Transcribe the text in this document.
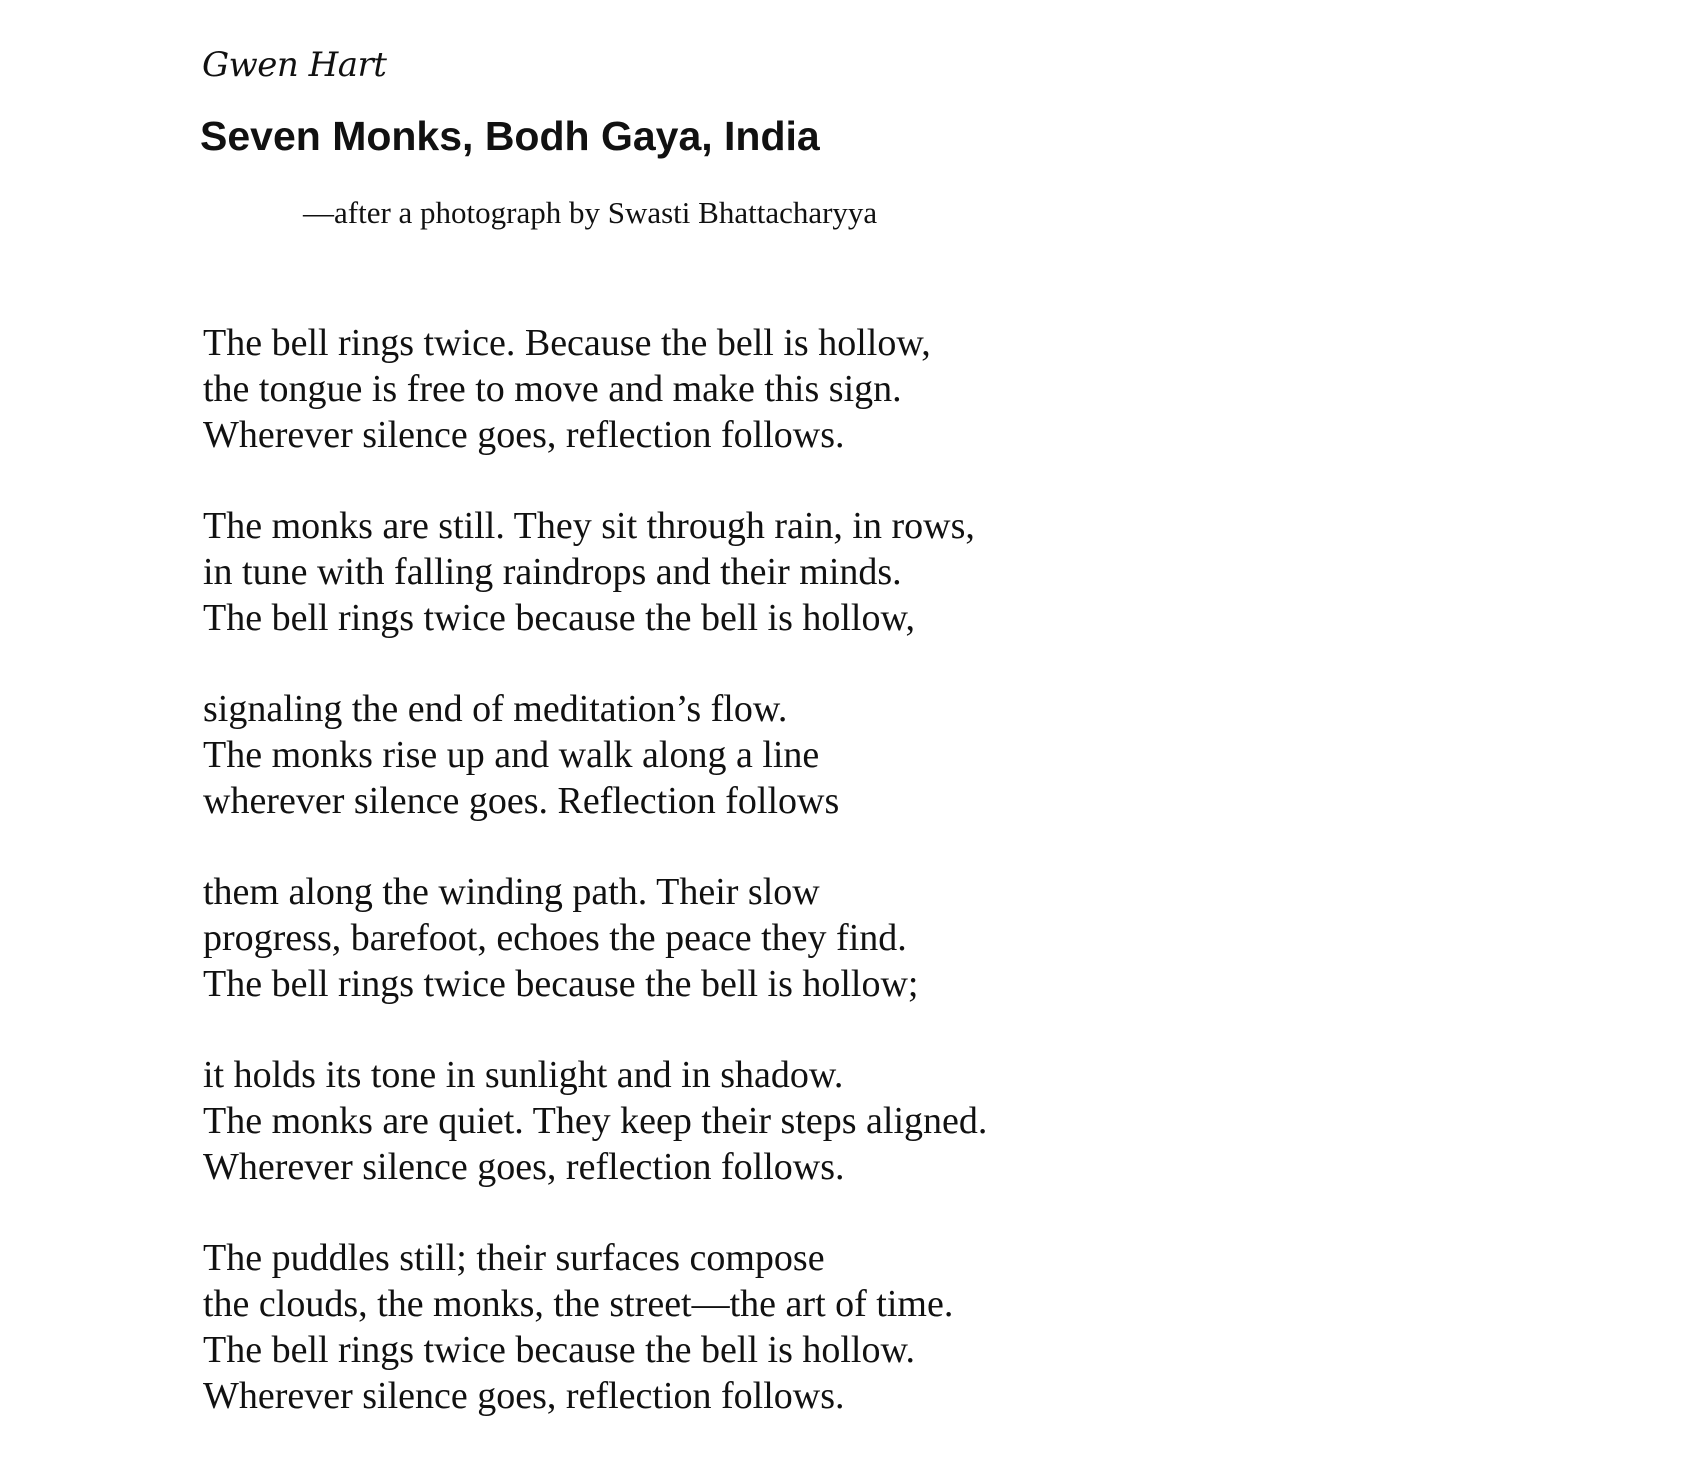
Gwen Hart

Seven Monks, Bodh Gaya, India

—after a photograph by Swasti Bhattacharyya

The bell rings twice. Because the bell is hollow,
the tongue is free to move and make this sign.
Wherever silence goes, reflection follows.
The monks are still. They sit through rain, in rows,
in tune with falling raindrops and their minds.
The bell rings twice because the bell is hollow,
signaling the end of meditation’s flow.
The monks rise up and walk along a line
wherever silence goes. Reflection follows
them along the winding path. Their slow
progress, barefoot, echoes the peace they find.
The bell rings twice because the bell is hollow;
it holds its tone in sunlight and in shadow.
The monks are quiet. They keep their steps aligned.
Wherever silence goes, reflection follows.
The puddles still; their surfaces compose
the clouds, the monks, the street—the art of time.
The bell rings twice because the bell is hollow.
Wherever silence goes, reflection follows.
